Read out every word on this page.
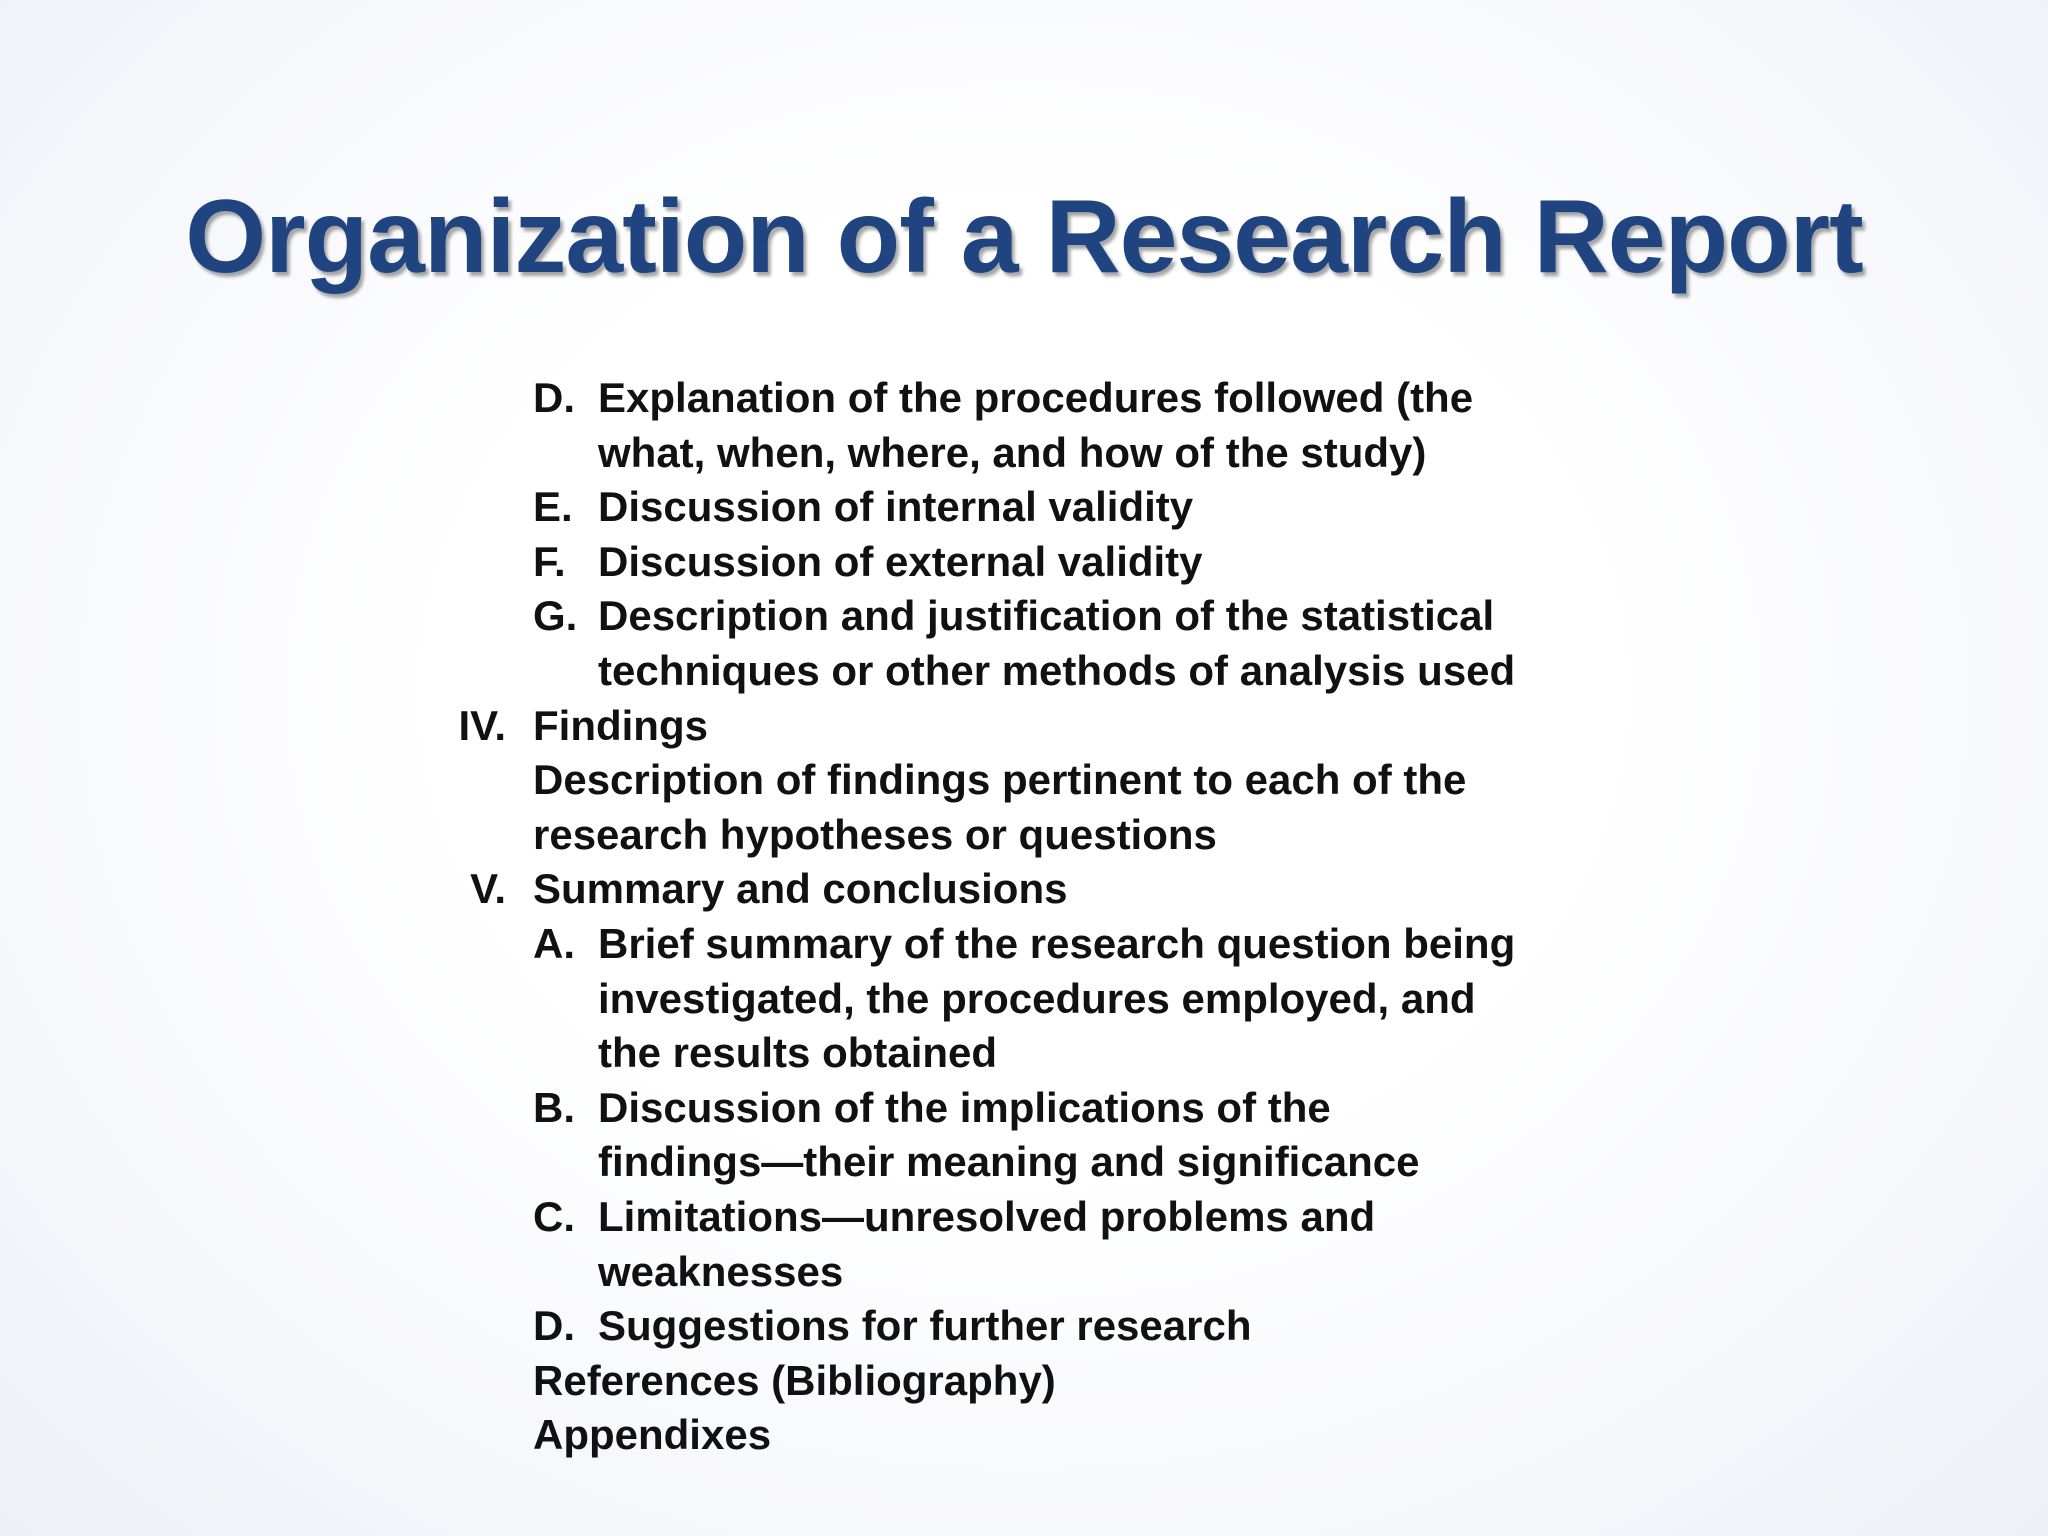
Organization of a Research Report
D. Explanation of the procedures followed (the
what, when, where, and how of the study)
E. Discussion of internal validity
F. Discussion of external validity
G. Description and justification of the statistical
techniques or other methods of analysis used
IV. Findings
Description of findings pertinent to each of the
research hypotheses or questions
V. Summary and conclusions
A. Brief summary of the research question being
investigated, the procedures employed, and
the results obtained
B. Discussion of the implications of the
findings—their meaning and significance
C. Limitations—unresolved problems and
weaknesses
D. Suggestions for further research
References (Bibliography)
Appendixes
